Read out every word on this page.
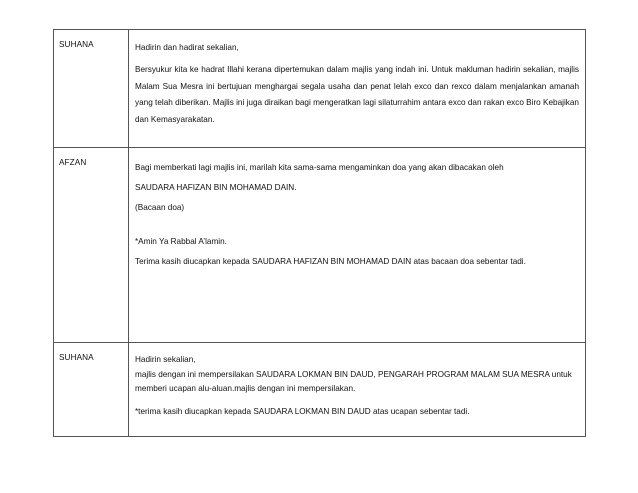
SUHANA	Hadirin dan hadirat sekalian,

Bersyukur kita ke hadrat Illahi kerana dipertemukan dalam majlis yang indah ini. Untuk makluman hadirin sekalian, majlis Malam Sua Mesra ini bertujuan menghargai segala usaha dan penat lelah exco dan rexco dalam menjalankan amanah yang telah diberikan. Majlis ini juga diraikan bagi mengeratkan lagi silaturrahim antara exco dan rakan exco Biro Kebajikan dan Kemasyarakatan.

AFZAN

Bagi memberkati lagi majlis ini, marilah kita sama-sama mengaminkan doa yang akan dibacakan oleh

SAUDARA HAFIZAN BIN MOHAMAD DAIN.

(Bacaan doa)

*Amin Ya Rabbal A’lamin.

Terima kasih diucapkan kepada SAUDARA HAFIZAN BIN MOHAMAD DAIN atas bacaan doa sebentar tadi.

SUHANA	Hadirin sekalian,

majlis dengan ini mempersilakan SAUDARA LOKMAN BIN DAUD, PENGARAH PROGRAM MALAM SUA MESRA untuk memberi ucapan alu-aluan.majlis dengan ini mempersilakan.

*terima kasih diucapkan kepada SAUDARA LOKMAN BIN DAUD atas ucapan sebentar tadi.
